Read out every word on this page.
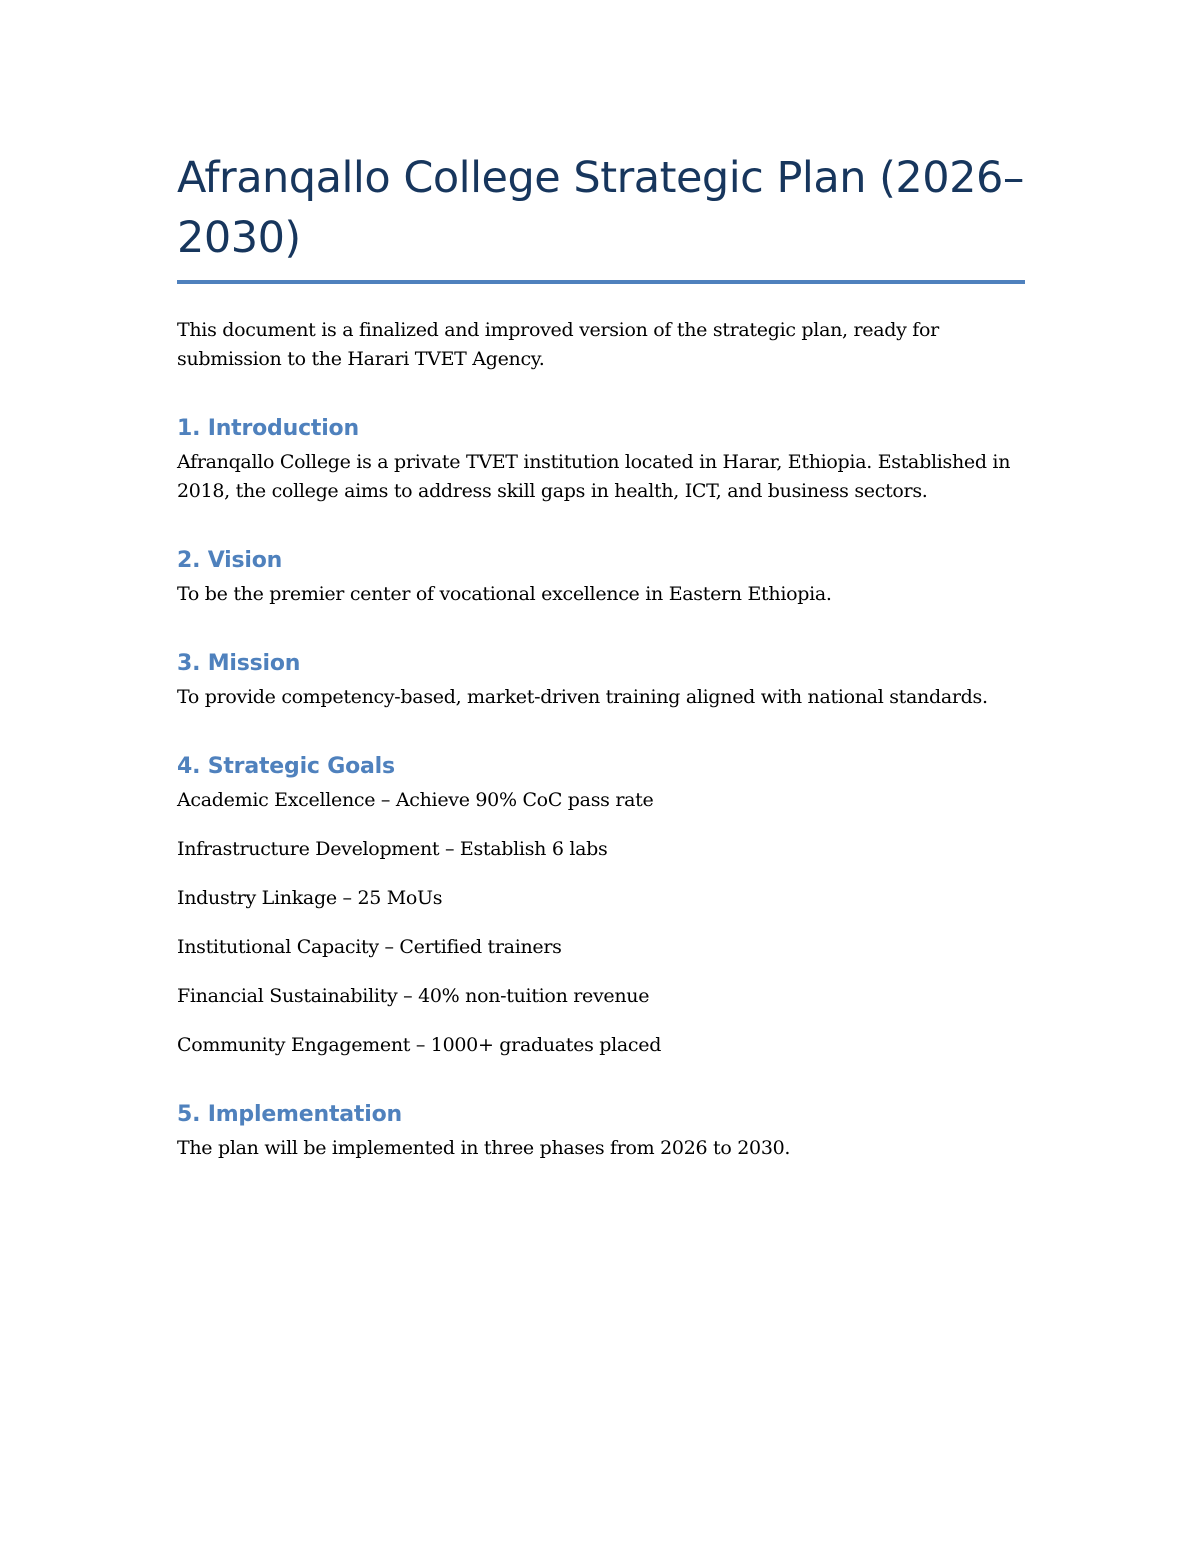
Afranqallo College Strategic Plan (2026–2030)

This document is a finalized and improved version of the strategic plan, ready for submission to the Harari TVET Agency.

1. Introduction

Afranqallo College is a private TVET institution located in Harar, Ethiopia. Established in 2018, the college aims to address skill gaps in health, ICT, and business sectors.

2. Vision

To be the premier center of vocational excellence in Eastern Ethiopia.

3. Mission

To provide competency-based, market-driven training aligned with national standards.

4. Strategic Goals
Academic Excellence – Achieve 90% CoC pass rate
Infrastructure Development – Establish 6 labs
Industry Linkage – 25 MoUs
Institutional Capacity – Certified trainers
Financial Sustainability – 40% non-tuition revenue
Community Engagement – 1000+ graduates placed
5. Implementation

The plan will be implemented in three phases from 2026 to 2030.
